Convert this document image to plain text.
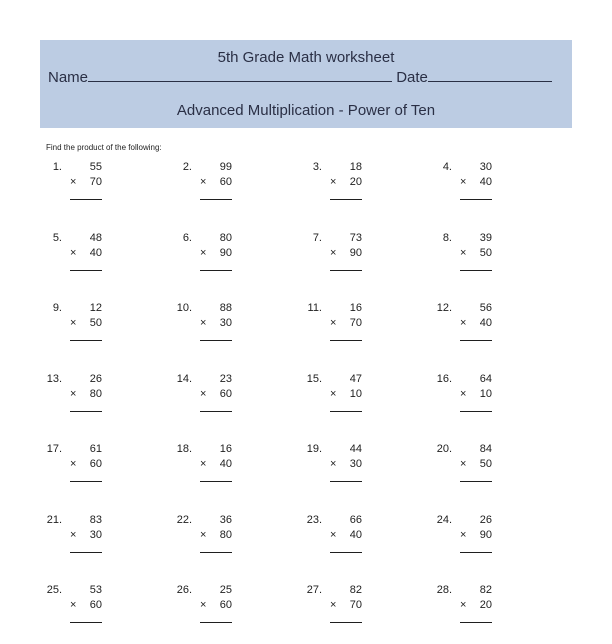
5th Grade Math worksheet
Name	Date
Advanced Multiplication - Power of Ten
Find the product of the following:
1.	55
×	70
2.	99
×	60
3.	18
×	20
4.	30
×	40
5.	48
×	40
6.	80
×	90
7.	73
×	90
8.	39
×	50
9.	12
×	50
10.	88
×	30
11.	16
×	70
12.	56
×	40
13.	26
×	80
14.	23
×	60
15.	47
×	10
16.	64
×	10
17.	61
×	60
18.	16
×	40
19.	44
×	30
20.	84
×	50
21.	83
×	30
22.	36
×	80
23.	66
×	40
24.	26
×	90
25.	53
×	60
26.	25
×	60
27.	82
×	70
28.	82
×	20
